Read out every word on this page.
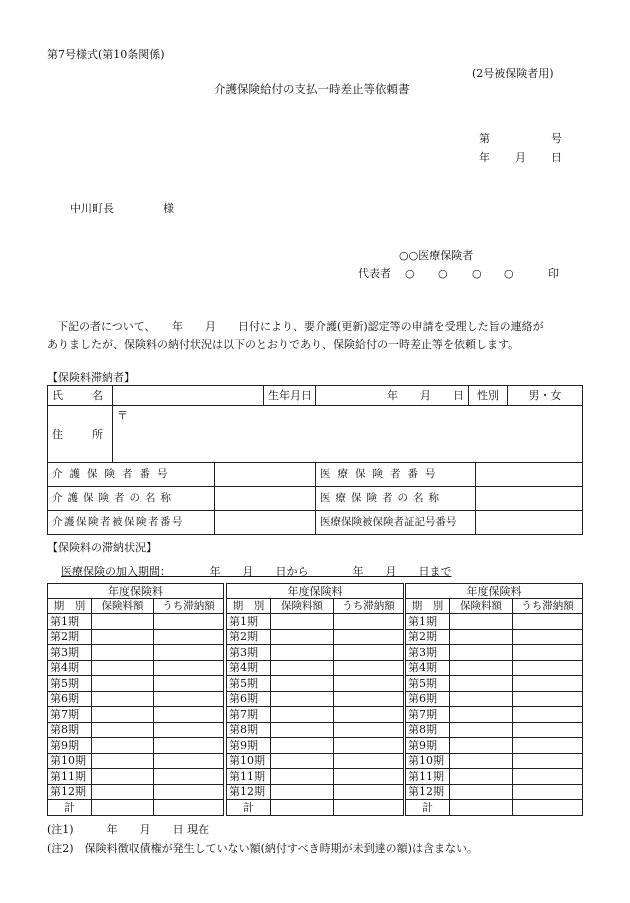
第7号様式(第10条関係)
(2号被保険者用)
介護保険給付の支払一時差止等依頼書
第	号
年 月 日
中川町長	様
○○医療保険者
代表者 ○ ○ ○ ○	印
下記の者について、　　年　　月　　日付により、要介護(更新)認定等の申請を受理した旨の連絡が
ありましたが、保険料の納付状況は以下のとおりであり、保険給付の一時差止等を依頼します。
【保険料滞納者】
氏　名		生年月日	年　　月　　日	性別	男・女
住　所	〒				
介護保険者番号		医療保険者番号	
介護保険者の名称		医療保険者の名称	
介護保険者被保険者番号		医療保険被保険者証記号番号	
【保険料の滞納状況】
医療保険の加入期間：　　　　年　　月　　日から　　　　年　　月　　日まで
年度保険料		
期　別	保険料額	うち滞納額
第1期		
第2期		
第3期		
第4期		
第5期		
第6期		
第7期		
第8期		
第9期		
第10期		
第11期		
第12期		
計		
年度保険料		
期　別	保険料額	うち滞納額
第1期		
第2期		
第3期		
第4期		
第5期		
第6期		
第7期		
第8期		
第9期		
第10期		
第11期		
第12期		
計		
年度保険料		
期　別	保険料額	うち滞納額
第1期		
第2期		
第3期		
第4期		
第5期		
第6期		
第7期		
第8期		
第9期		
第10期		
第11期		
第12期		
計		
(注1)　　　年　　月　　日 現在
(注2)　保険料徴収債権が発生していない額(納付すべき時期が未到達の額)は含まない。
